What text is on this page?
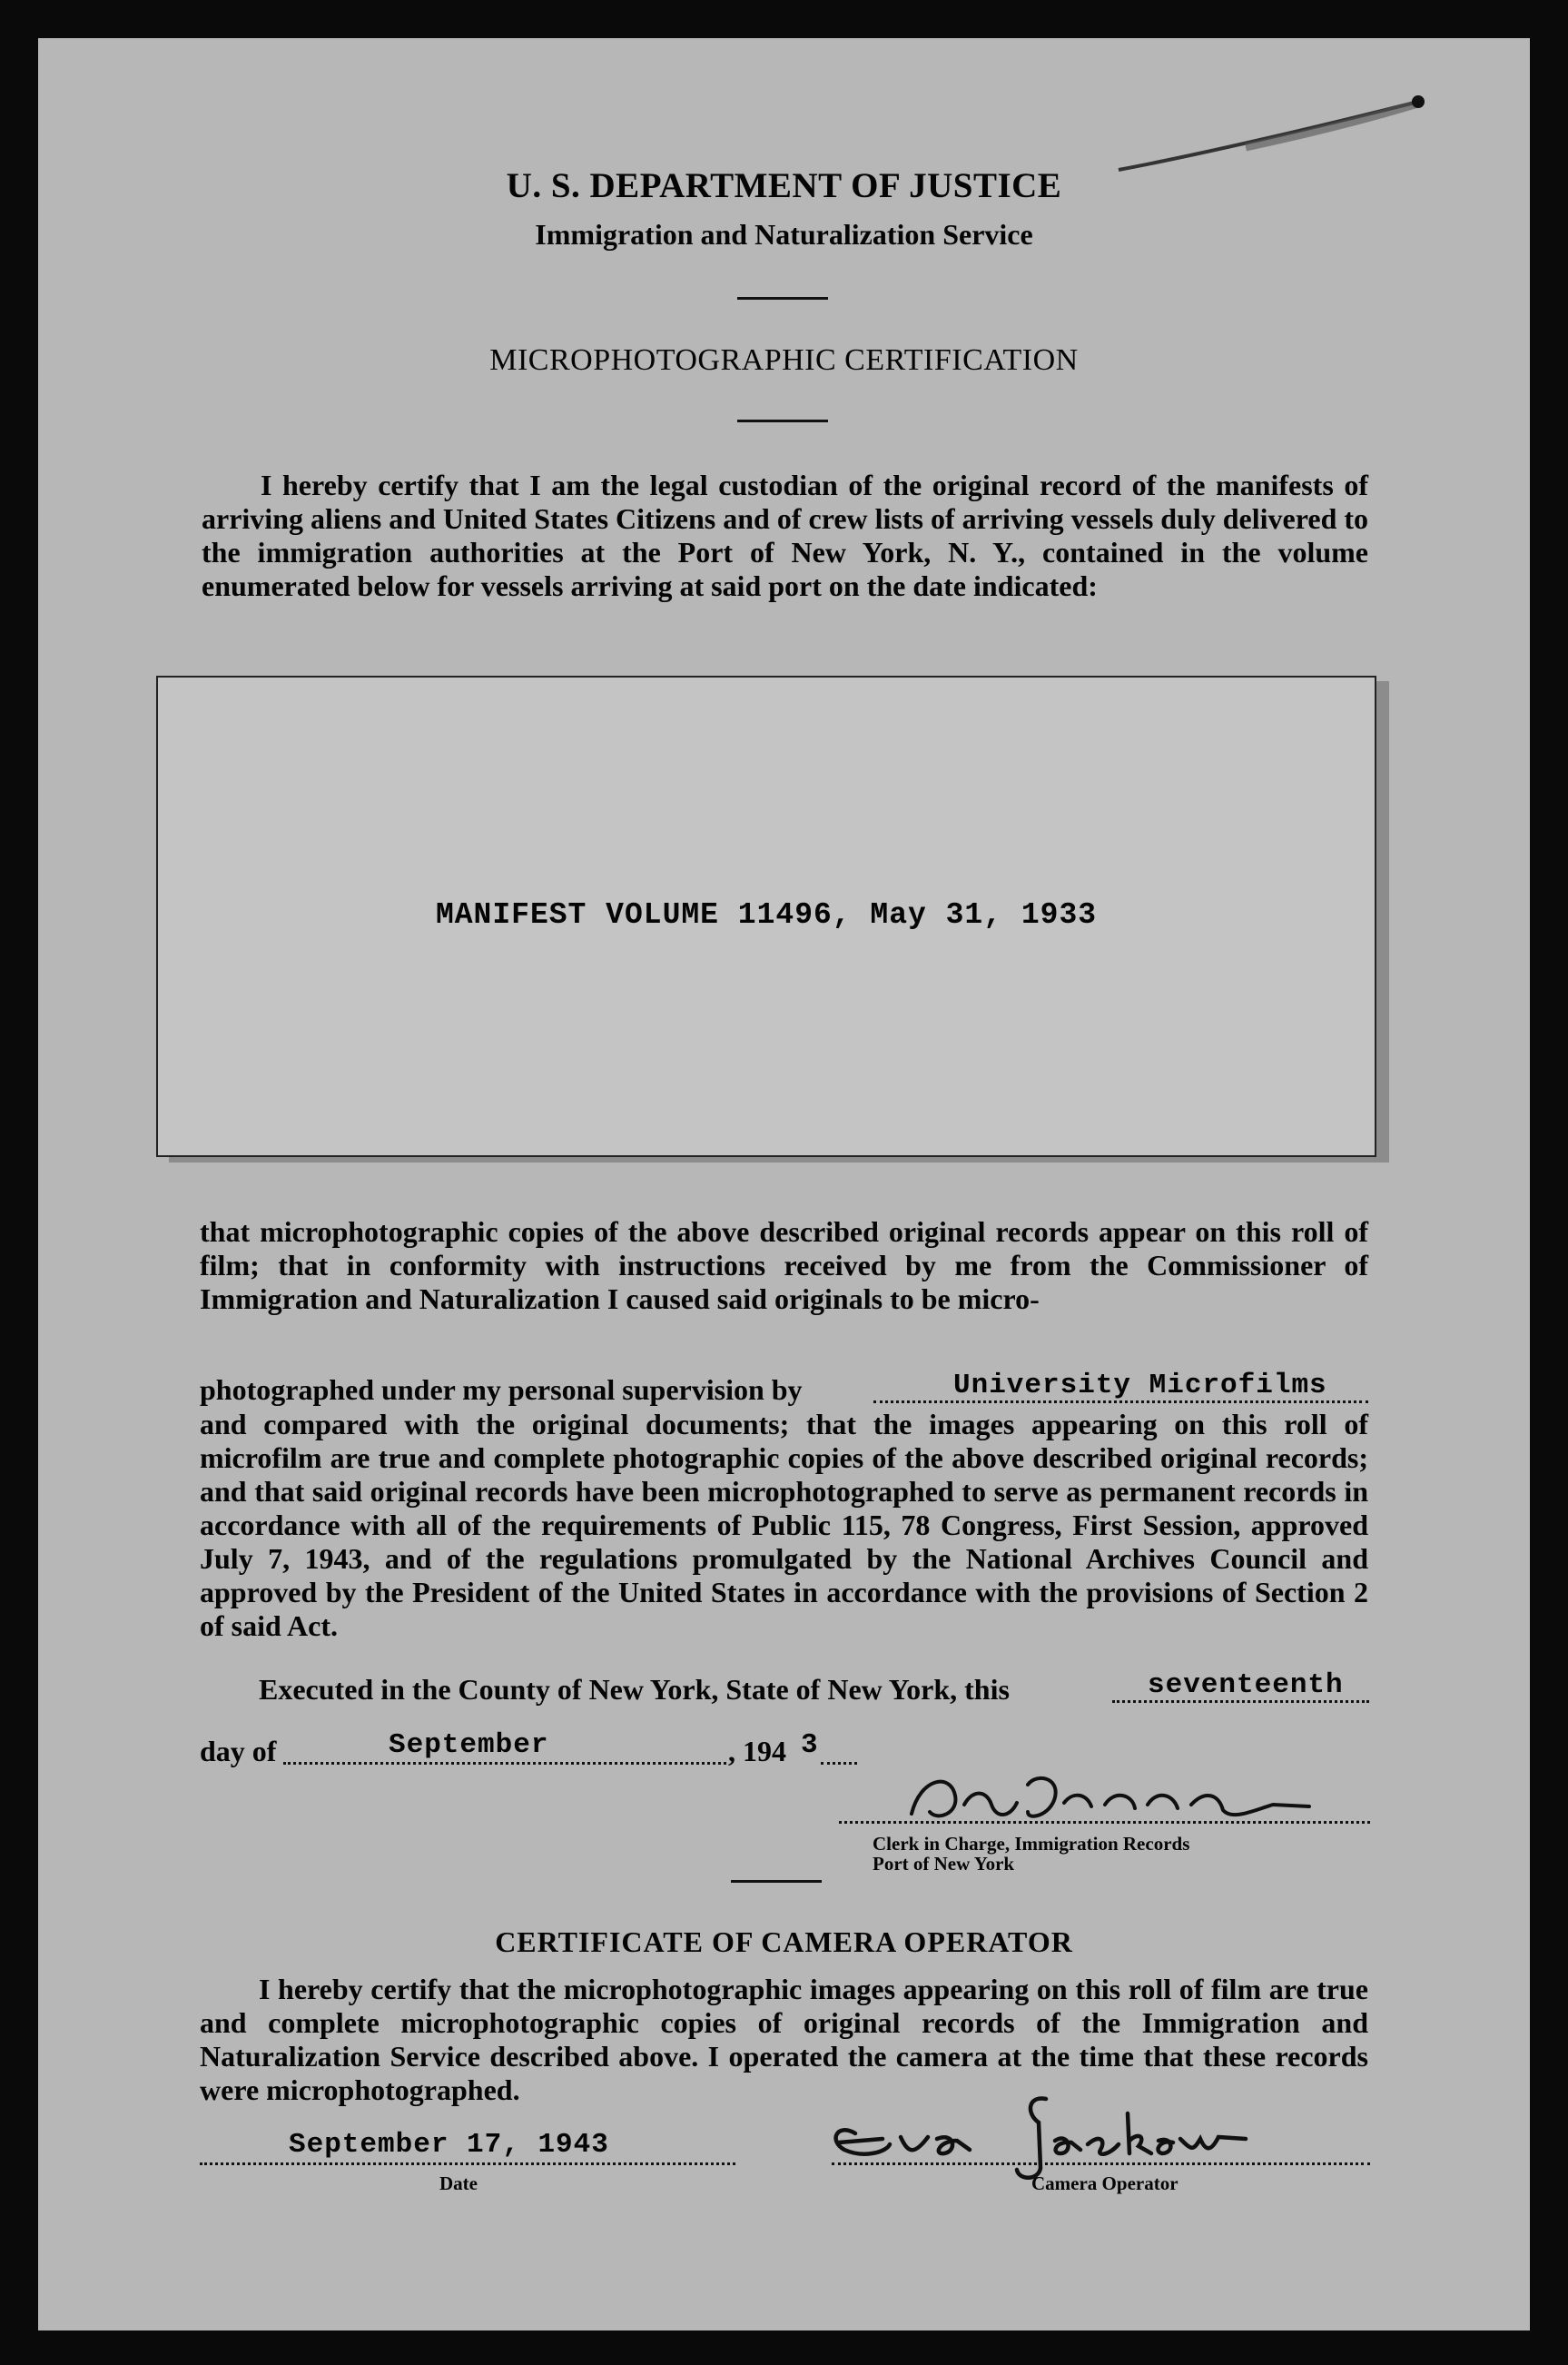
U. S. DEPARTMENT OF JUSTICE
Immigration and Naturalization Service
MICROPHOTOGRAPHIC CERTIFICATION
I hereby certify that I am the legal custodian of the original record of the manifests of arriving aliens and United States Citizens and of crew lists of arriving vessels duly delivered to the immigration authorities at the Port of New York, N. Y., contained in the volume enumerated below for vessels arriving at said port on the date indicated:
MANIFEST VOLUME 11496, May 31, 1933
that microphotographic copies of the above described original records appear on this roll of film; that in conformity with instructions received by me from the Commissioner of Immigration and Naturalization I caused said originals to be micro-
photographed under my personal supervision by	University Microfilms
and compared with the original documents; that the images appearing on this roll of microfilm are true and complete photographic copies of the above described original records; and that said original records have been microphotographed to serve as permanent records in accordance with all of the requirements of Public 115, 78 Congress, First Session, approved July 7, 1943, and of the regulations promulgated by the National Archives Council and approved by the President of the United States in accordance with the provisions of Section 2 of said Act.
Executed in the County of New York, State of New York, this	seventeenth
day of	September	, 194 3
Clerk in Charge, Immigration Records
Port of New York
CERTIFICATE OF CAMERA OPERATOR
I hereby certify that the microphotographic images appearing on this roll of film are true and complete microphotographic copies of original records of the Immigration and Naturalization Service described above. I operated the camera at the time that these records were microphotographed.
September 17, 1943
Date	Camera Operator
